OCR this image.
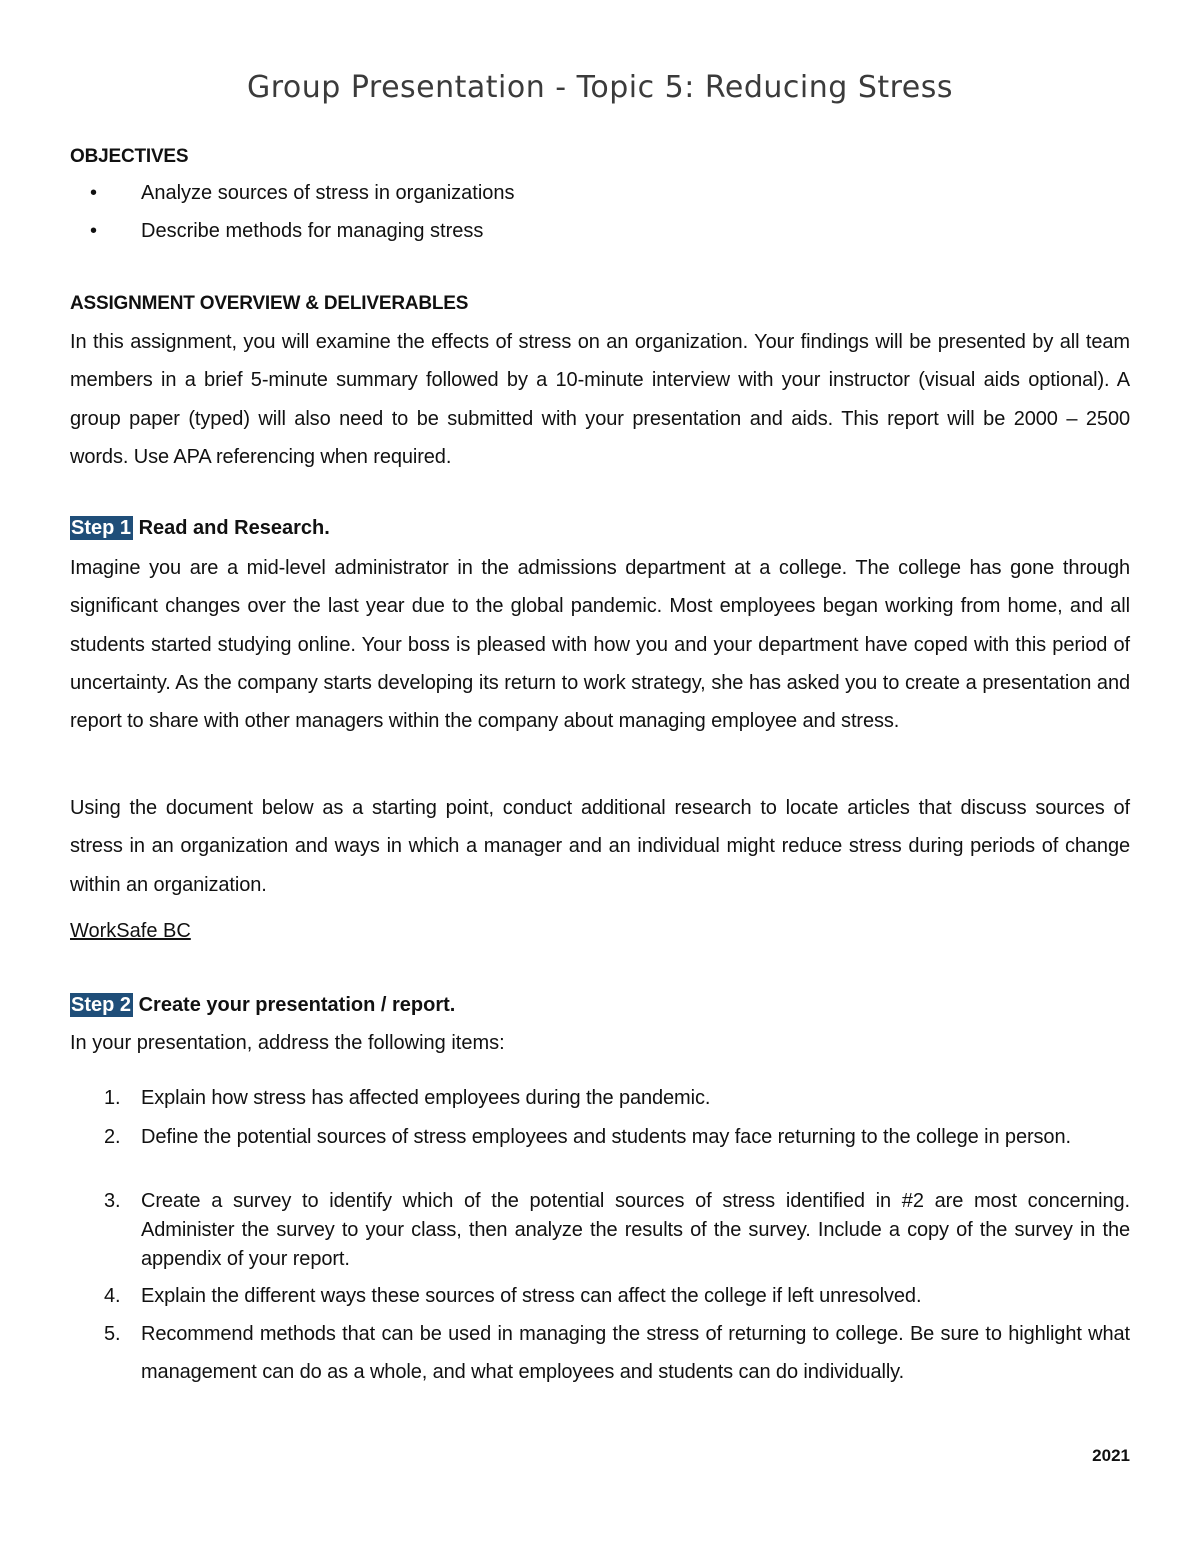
Group Presentation - Topic 5: Reducing Stress
OBJECTIVES
• Analyze sources of stress in organizations
• Describe methods for managing stress
ASSIGNMENT OVERVIEW & DELIVERABLES
In this assignment, you will examine the effects of stress on an organization. Your findings will be presented by all team members in a brief 5-minute summary followed by a 10-minute interview with your instructor (visual aids optional). A group paper (typed) will also need to be submitted with your presentation and aids. This report will be 2000 – 2500 words. Use APA referencing when required.
Step 1 Read and Research.
Imagine you are a mid-level administrator in the admissions department at a college. The college has gone through significant changes over the last year due to the global pandemic. Most employees began working from home, and all students started studying online. Your boss is pleased with how you and your department have coped with this period of uncertainty. As the company starts developing its return to work strategy, she has asked you to create a presentation and report to share with other managers within the company about managing employee and stress.
Using the document below as a starting point, conduct additional research to locate articles that discuss sources of stress in an organization and ways in which a manager and an individual might reduce stress during periods of change within an organization.
WorkSafe BC
Step 2 Create your presentation / report.
In your presentation, address the following items:
1. Explain how stress has affected employees during the pandemic.
2. Define the potential sources of stress employees and students may face returning to the college in person.
3. Create a survey to identify which of the potential sources of stress identified in #2 are most concerning. Administer the survey to your class, then analyze the results of the survey. Include a copy of the survey in the appendix of your report.
4. Explain the different ways these sources of stress can affect the college if left unresolved.
5. Recommend methods that can be used in managing the stress of returning to college. Be sure to highlight what management can do as a whole, and what employees and students can do individually.
2021
